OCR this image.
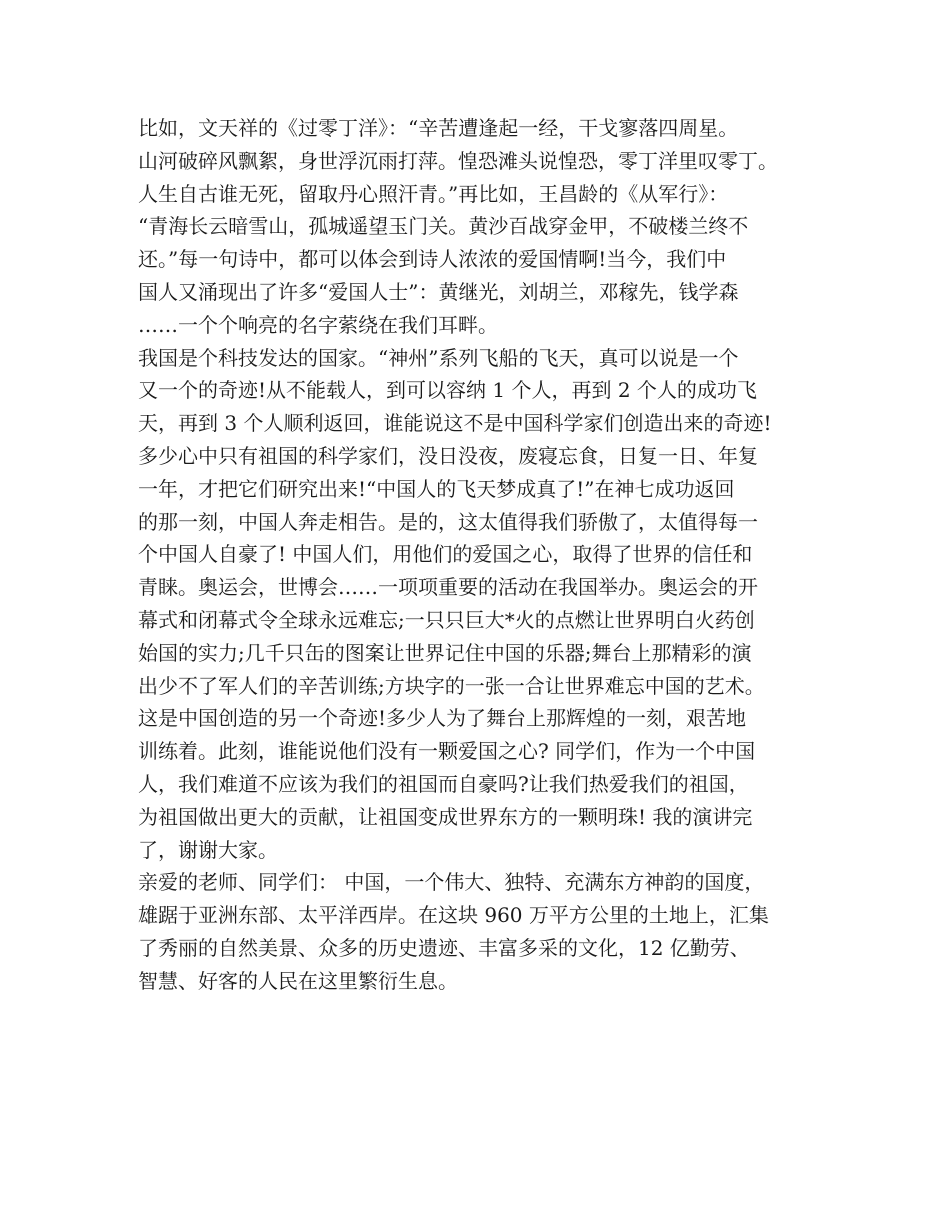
比如，文天祥的《过零丁洋》：“辛苦遭逢起一经，干戈寥落四周星。
山河破碎风飘絮，身世浮沉雨打萍。惶恐滩头说惶恐，零丁洋里叹零丁。
人生自古谁无死，留取丹心照汗青。”再比如，王昌龄的《从军行》：
“青海长云暗雪山，孤城遥望玉门关。黄沙百战穿金甲，不破楼兰终不
还。”每一句诗中，都可以体会到诗人浓浓的爱国情啊!当今，我们中
国人又涌现出了许多“爱国人士”：黄继光，刘胡兰，邓稼先，钱学森
……一个个响亮的名字萦绕在我们耳畔。
我国是个科技发达的国家。“神州”系列飞船的飞天，真可以说是一个
又一个的奇迹!从不能载人，到可以容纳 1 个人，再到 2 个人的成功飞
天，再到 3 个人顺利返回，谁能说这不是中国科学家们创造出来的奇迹!
多少心中只有祖国的科学家们，没日没夜，废寝忘食，日复一日、年复
一年，才把它们研究出来!“中国人的飞天梦成真了!”在神七成功返回
的那一刻，中国人奔走相告。是的，这太值得我们骄傲了，太值得每一
个中国人自豪了! 中国人们，用他们的爱国之心，取得了世界的信任和
青睐。奥运会，世博会……一项项重要的活动在我国举办。奥运会的开
幕式和闭幕式令全球永远难忘;一只只巨大*火的点燃让世界明白火药创
始国的实力;几千只缶的图案让世界记住中国的乐器;舞台上那精彩的演
出少不了军人们的辛苦训练;方块字的一张一合让世界难忘中国的艺术。
这是中国创造的另一个奇迹!多少人为了舞台上那辉煌的一刻，艰苦地
训练着。此刻，谁能说他们没有一颗爱国之心? 同学们，作为一个中国
人，我们难道不应该为我们的祖国而自豪吗?让我们热爱我们的祖国，
为祖国做出更大的贡献，让祖国变成世界东方的一颗明珠! 我的演讲完
了，谢谢大家。
亲爱的老师、同学们： 中国，一个伟大、独特、充满东方神韵的国度，
雄踞于亚洲东部、太平洋西岸。在这块 960 万平方公里的土地上，汇集
了秀丽的自然美景、众多的历史遗迹、丰富多采的文化，12 亿勤劳、
智慧、好客的人民在这里繁衍生息。
